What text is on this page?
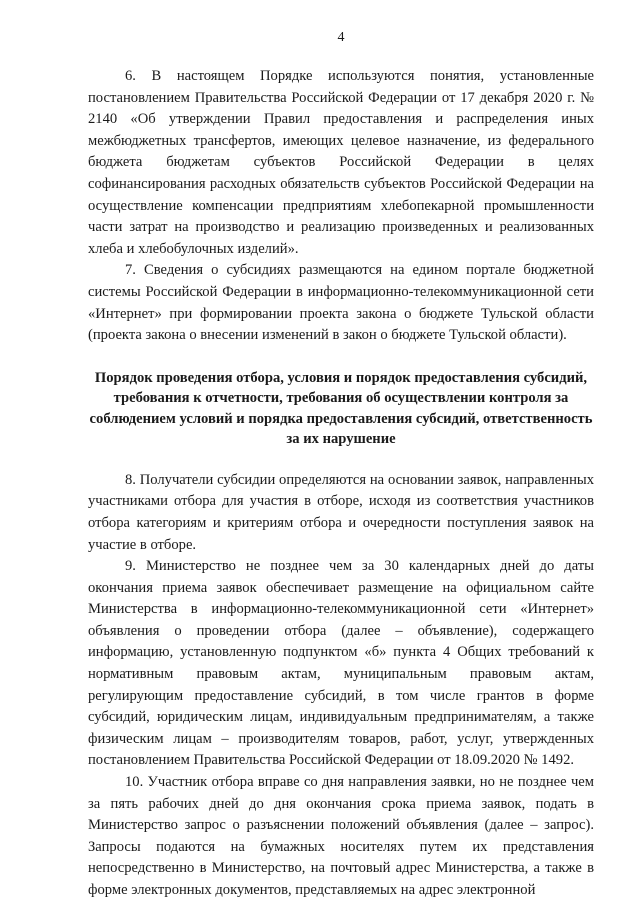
4

6. В настоящем Порядке используются понятия, установленные постановлением Правительства Российской Федерации от 17 декабря 2020 г. № 2140 «Об утверждении Правил предоставления и распределения иных межбюджетных трансфертов, имеющих целевое назначение, из федерального бюджета бюджетам субъектов Российской Федерации в целях софинансирования расходных обязательств субъектов Российской Федерации на осуществление компенсации предприятиям хлебопекарной промышленности части затрат на производство и реализацию произведенных и реализованных хлеба и хлебобулочных изделий».

7. Сведения о субсидиях размещаются на едином портале бюджетной системы Российской Федерации в информационно-телекоммуникационной сети «Интернет» при формировании проекта закона о бюджете Тульской области (проекта закона о внесении изменений в закон о бюджете Тульской области).

Порядок проведения отбора, условия и порядок предоставления субсидий, требования к отчетности, требования об осуществлении контроля за соблюдением условий и порядка предоставления субсидий, ответственность за их нарушение

8. Получатели субсидии определяются на основании заявок, направленных участниками отбора для участия в отборе, исходя из соответствия участников отбора категориям и критериям отбора и очередности поступления заявок на участие в отборе.

9. Министерство не позднее чем за 30 календарных дней до даты окончания приема заявок обеспечивает размещение на официальном сайте Министерства в информационно-телекоммуникационной сети «Интернет» объявления о проведении отбора (далее – объявление), содержащего информацию, установленную подпунктом «б» пункта 4 Общих требований к нормативным правовым актам, муниципальным правовым актам, регулирующим предоставление субсидий, в том числе грантов в форме субсидий, юридическим лицам, индивидуальным предпринимателям, а также физическим лицам – производителям товаров, работ, услуг, утвержденных постановлением Правительства Российской Федерации от 18.09.2020 № 1492.

10. Участник отбора вправе со дня направления заявки, но не позднее чем за пять рабочих дней до дня окончания срока приема заявок, подать в Министерство запрос о разъяснении положений объявления (далее – запрос). Запросы подаются на бумажных носителях путем их представления непосредственно в Министерство, на почтовый адрес Министерства, а также в форме электронных документов, представляемых на адрес электронной
